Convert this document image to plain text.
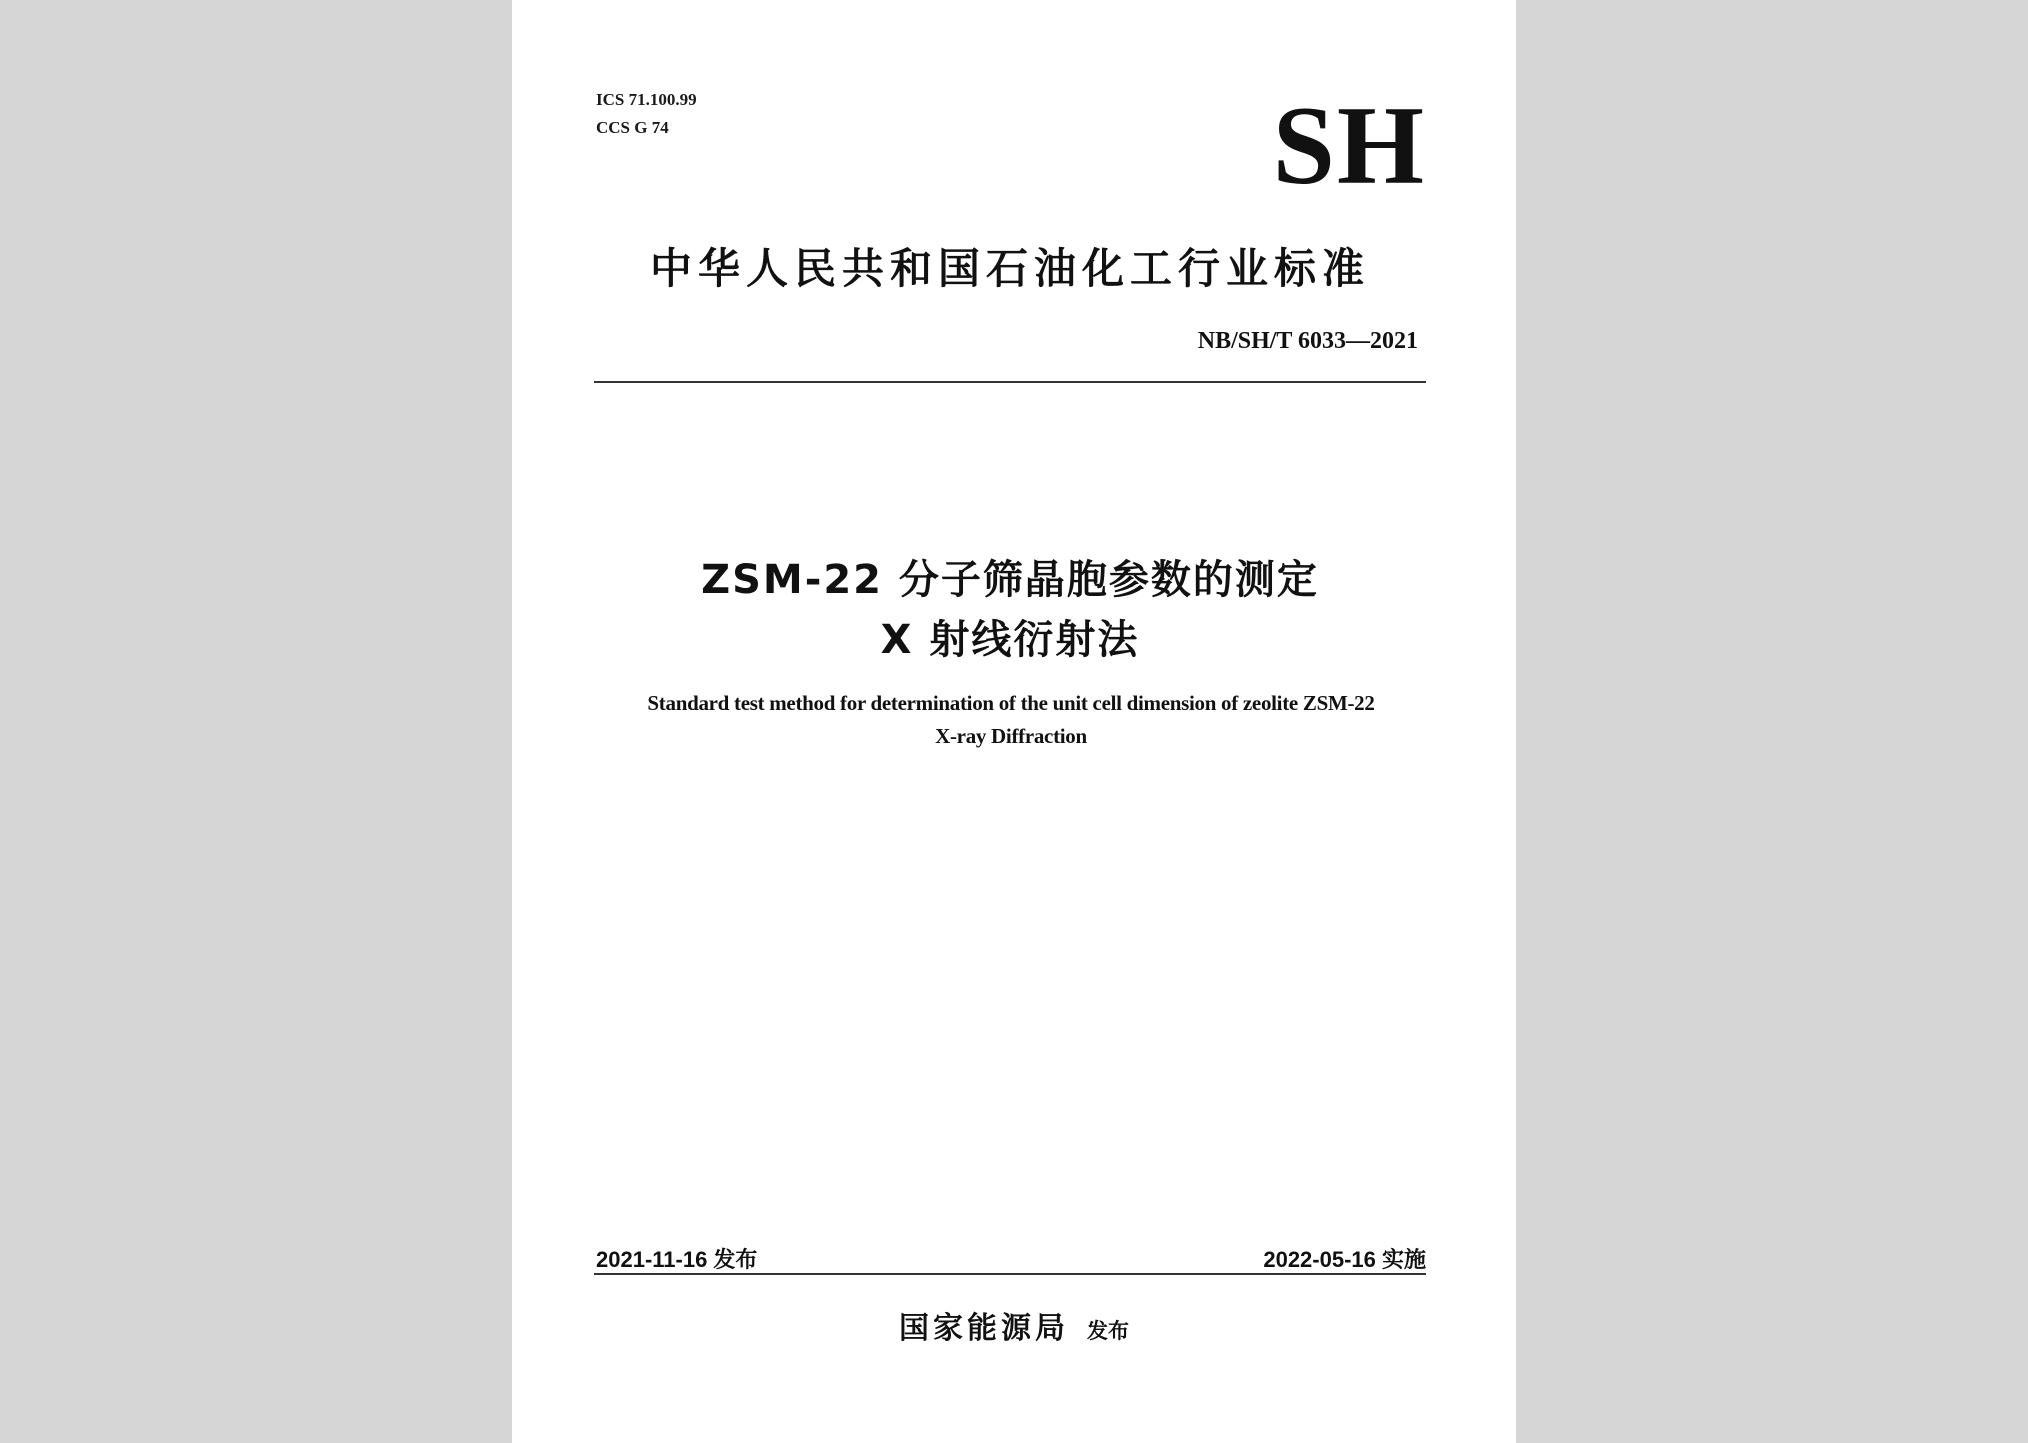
ICS 71.100.99
CCS G 74	SH
中华人民共和国石油化工行业标准
NB/SH/T 6033—2021
ZSM-22 分子筛晶胞参数的测定
X 射线衍射法
Standard test method for determination of the unit cell dimension of zeolite ZSM-22
X-ray Diffraction
2021-11-16 发布	2022-05-16 实施
国家能源局 发布
